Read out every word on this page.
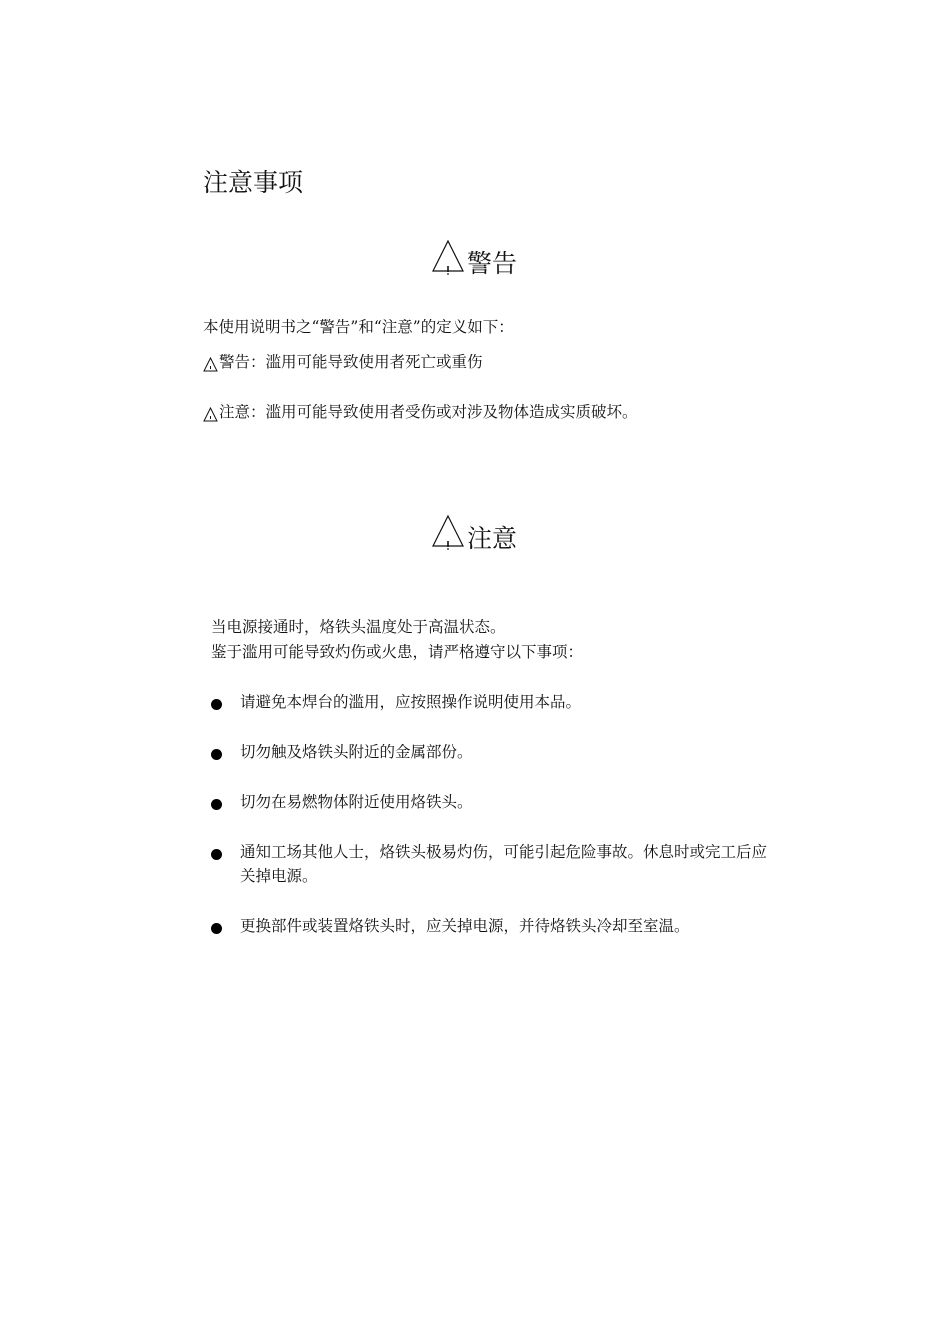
注意事项
警告
本使用说明书之“警告”和“注意”的定义如下：
警告：滥用可能导致使用者死亡或重伤
注意：滥用可能导致使用者受伤或对涉及物体造成实质破坏。
注意
当电源接通时，烙铁头温度处于高温状态。
鉴于滥用可能导致灼伤或火患，请严格遵守以下事项：
请避免本焊台的滥用，应按照操作说明使用本品。
切勿触及烙铁头附近的金属部份。
切勿在易燃物体附近使用烙铁头。
通知工场其他人士，烙铁头极易灼伤，可能引起危险事故。休息时或完工后应关掉电源。
更换部件或装置烙铁头时，应关掉电源，并待烙铁头冷却至室温。
